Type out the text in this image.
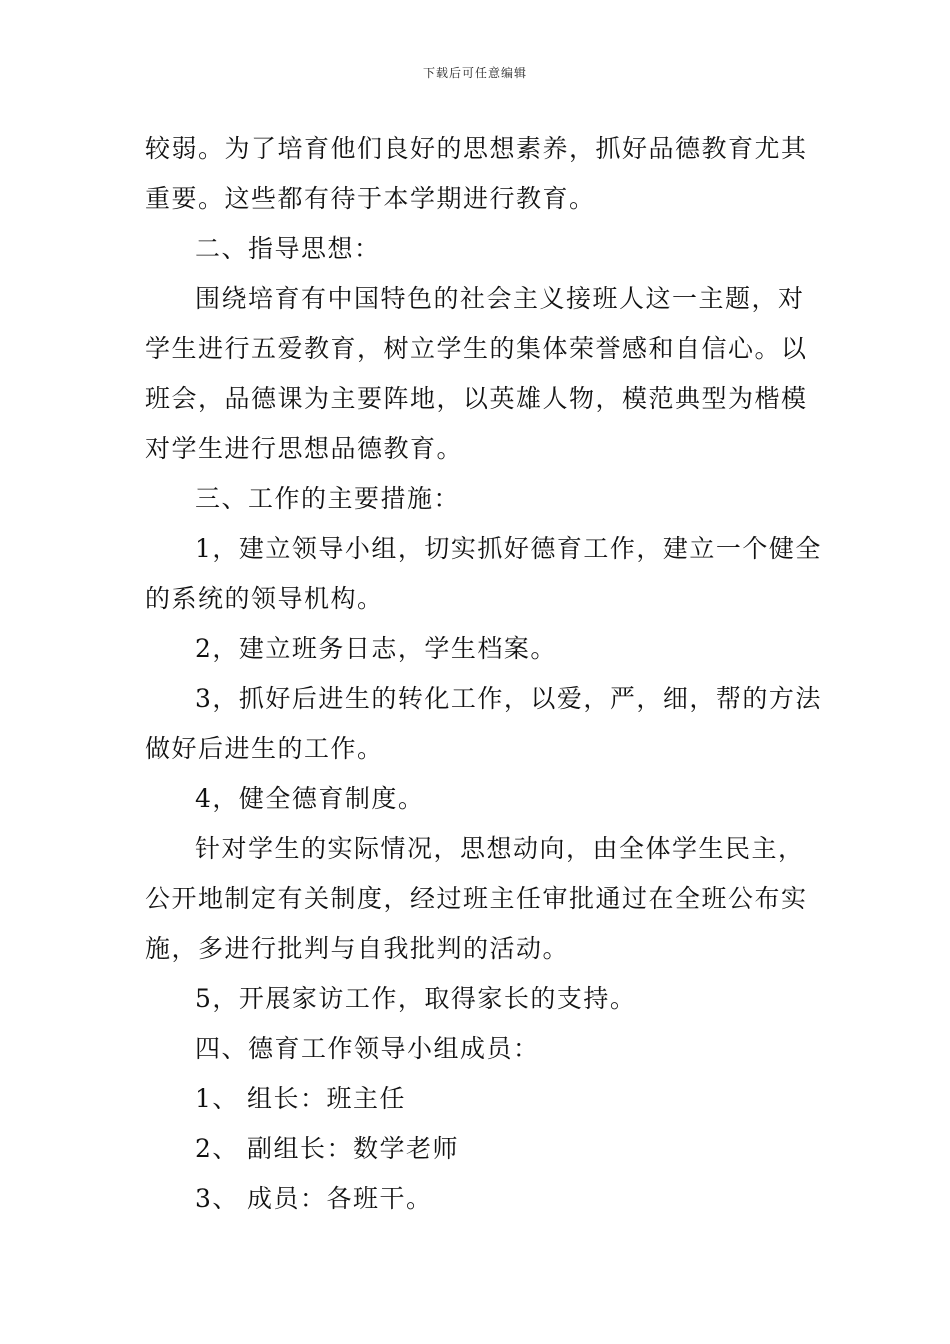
下载后可任意编辑

较弱。为了培育他们良好的思想素养，抓好品德教育尤其

重要。这些都有待于本学期进行教育。

二、指导思想：

围绕培育有中国特色的社会主义接班人这一主题，对

学生进行五爱教育，树立学生的集体荣誉感和自信心。以

班会，品德课为主要阵地，以英雄人物，模范典型为楷模

对学生进行思想品德教育。

三、工作的主要措施：

1，建立领导小组，切实抓好德育工作，建立一个健全

的系统的领导机构。

2，建立班务日志，学生档案。

3，抓好后进生的转化工作，以爱，严，细，帮的方法

做好后进生的工作。

4，健全德育制度。

针对学生的实际情况，思想动向，由全体学生民主，

公开地制定有关制度，经过班主任审批通过在全班公布实

施，多进行批判与自我批判的活动。

5，开展家访工作，取得家长的支持。

四、德育工作领导小组成员：

1、 组长：班主任

2、 副组长：数学老师

3、 成员：各班干。
